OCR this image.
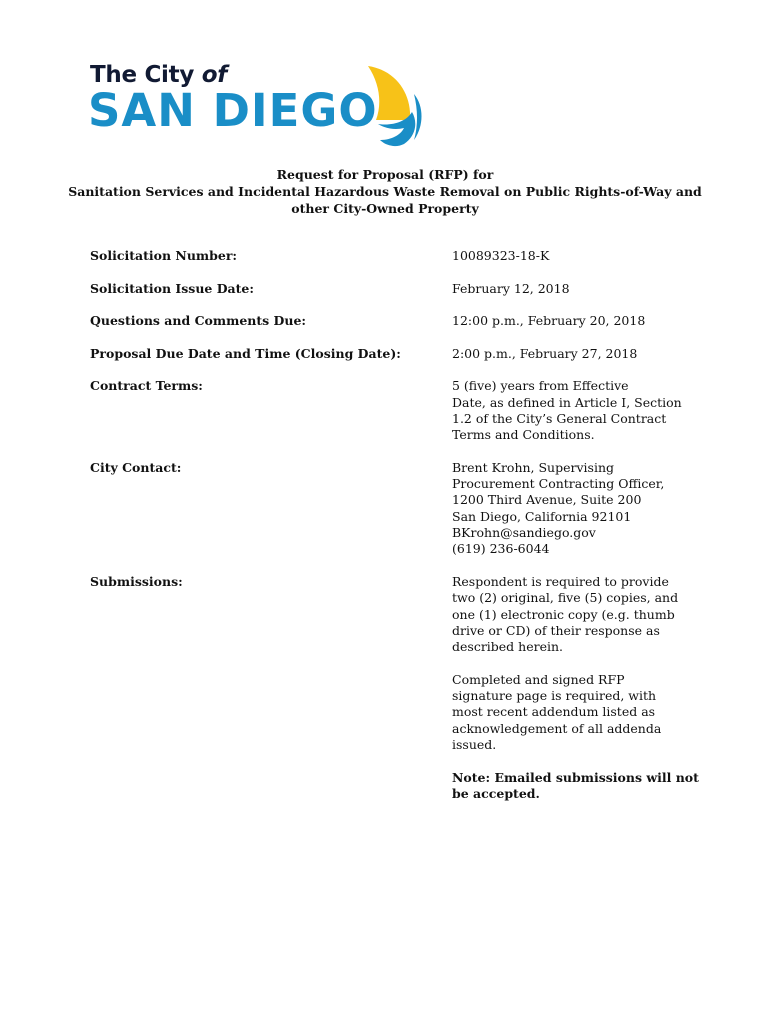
The City of
SAN DIEGO
Request for Proposal (RFP) for
Sanitation Services and Incidental Hazardous Waste Removal on Public Rights-of-Way and
other City-Owned Property
Solicitation Number:	10089323-18-K
Solicitation Issue Date:	February 12, 2018
Questions and Comments Due:	12:00 p.m., February 20, 2018
Proposal Due Date and Time (Closing Date):	2:00 p.m., February 27, 2018
Contract Terms:	5 (five) years from Effective
Date, as defined in Article I, Section
1.2 of the City’s General Contract
Terms and Conditions.
City Contact:	Brent Krohn, Supervising
Procurement Contracting Officer,
1200 Third Avenue, Suite 200
San Diego, California 92101
BKrohn@sandiego.gov
(619) 236-6044
Submissions:	Respondent is required to provide
two (2) original, five (5) copies, and
one (1) electronic copy (e.g. thumb
drive or CD) of their response as
described herein.
Completed and signed RFP
signature page is required, with
most recent addendum listed as
acknowledgement of all addenda
issued.
Note: Emailed submissions will not
be accepted.
